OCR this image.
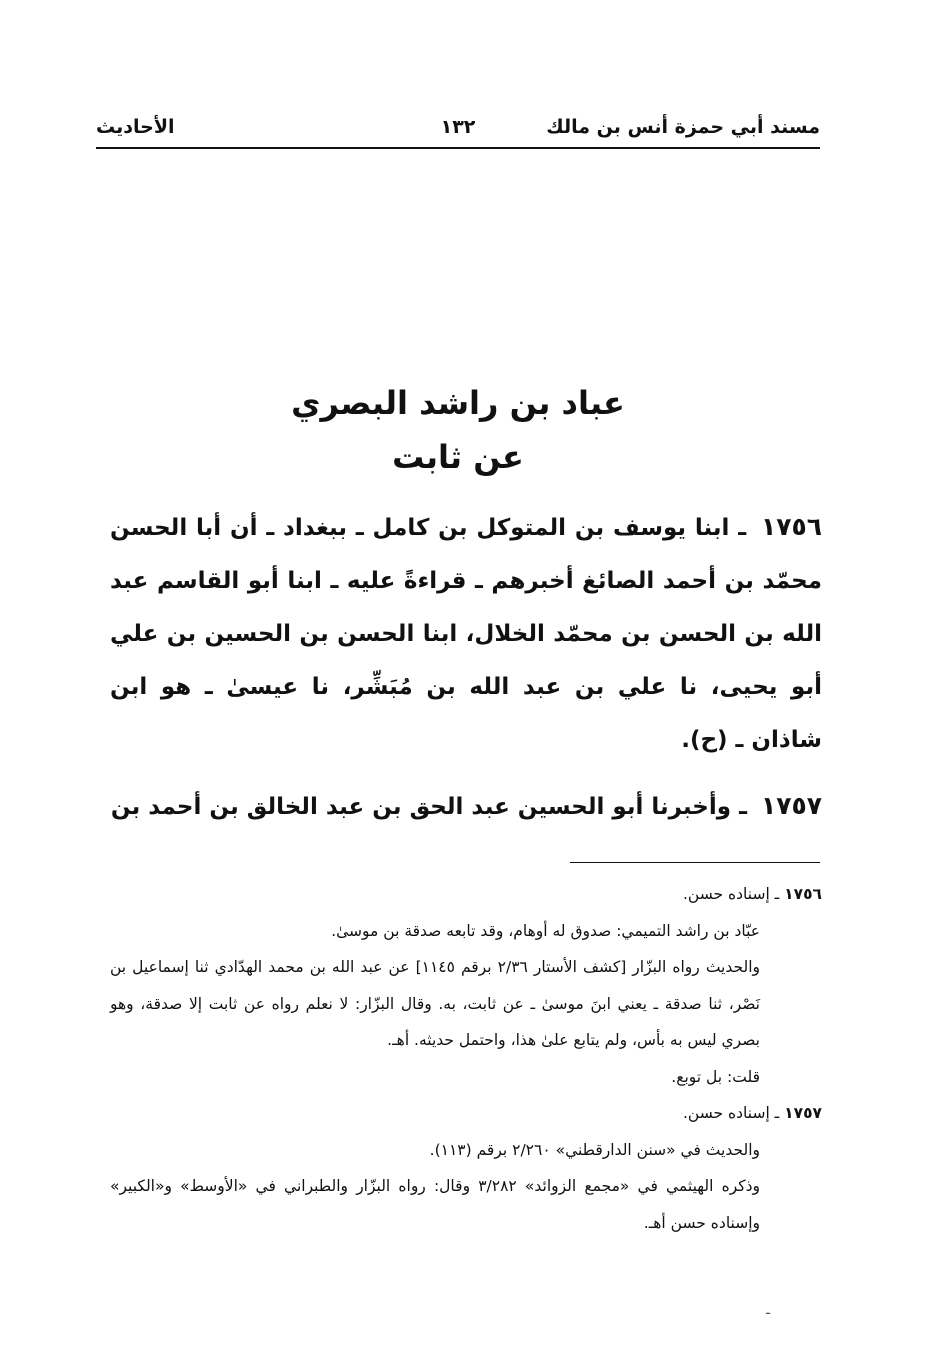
مسند أبي حمزة أنس بن مالك
١٣٢
الأحاديث
عباد بن راشد البصري
عن ثابت

١٧٥٦ ـ ابنا يوسف بن المتوكل بن كامل ـ ببغداد ـ أن أبا الحسن محمّد بن أحمد الصائغ أخبرهم ـ قراءةً عليه ـ ابنا أبو القاسم عبد الله بن الحسن بن محمّد الخلال، ابنا الحسن بن الحسين بن علي أبو يحيى، نا علي بن عبد الله بن مُبَشِّر، نا عيسىٰ ـ هو ابن شاذان ـ (ح).

١٧٥٧ ـ وأخبرنا أبو الحسين عبد الحق بن عبد الخالق بن أحمد بن

١٧٥٦ ـ إسناده حسن.
عبّاد بن راشد التميمي: صدوق له أوهام، وقد تابعه صدقة بن موسىٰ.
والحديث رواه البزّار [كشف الأستار ٢/٣٦ برقم ١١٤٥] عن عبد الله بن محمد الهدّادي ثنا إسماعيل بن نَصْر، ثنا صدقة ـ يعني ابنَ موسىٰ ـ عن ثابت، به. وقال البزّار: لا نعلم رواه عن ثابت إلا صدقة، وهو بصري ليس به بأس، ولم يتابع علىٰ هذا، واحتمل حديثه. أهـ.
قلت: بل توبع.
١٧٥٧ ـ إسناده حسن.
والحديث في «سنن الدارقطني» ٢/٢٦٠ برقم (١١٣).
وذكره الهيثمي في «مجمع الزوائد» ٣/٢٨٢ وقال: رواه البزّار والطبراني في «الأوسط» و«الكبير» وإسناده حسن أهـ.
ـ
